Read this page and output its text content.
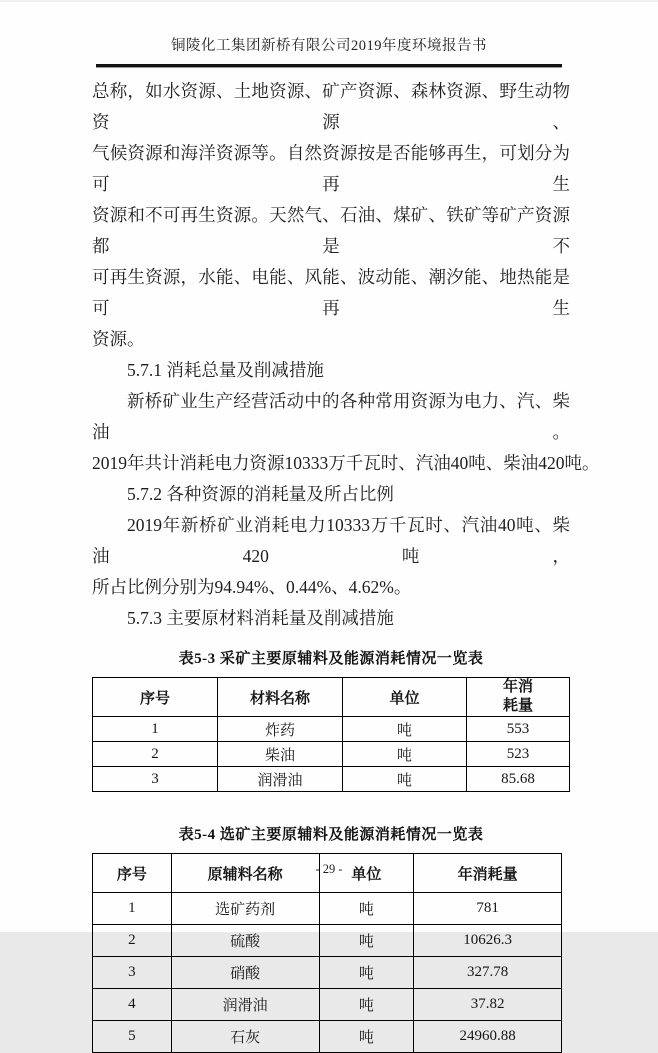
铜陵化工集团新桥有限公司2019年度环境报告书

总称，如水资源、土地资源、矿产资源、森林资源、野生动物资源、

气候资源和海洋资源等。自然资源按是否能够再生，可划分为可再生

资源和不可再生资源。天然气、石油、煤矿、铁矿等矿产资源都是不

可再生资源，水能、电能、风能、波动能、潮汐能、地热能是可再生

资源。

5.7.1 消耗总量及削减措施

新桥矿业生产经营活动中的各种常用资源为电力、汽、柴油。

2019年共计消耗电力资源10333万千瓦时、汽油40吨、柴油420吨。

5.7.2 各种资源的消耗量及所占比例

2019年新桥矿业消耗电力10333万千瓦时、汽油40吨、柴油420吨，

所占比例分别为94.94%、0.44%、4.62%。

5.7.3 主要原材料消耗量及削减措施

表5-3 采矿主要原辅料及能源消耗情况一览表
序号	材料名称	单位	年消耗量
1	炸药	吨	553
2	柴油	吨	523
3	润滑油	吨	85.68
表5-4 选矿主要原辅料及能源消耗情况一览表
序号	原辅料名称	单位	年消耗量
1	选矿药剂	吨	781
2	硫酸	吨	10626.3
3	硝酸	吨	327.78
4	润滑油	吨	37.82
5	石灰	吨	24960.88
- 29 -
